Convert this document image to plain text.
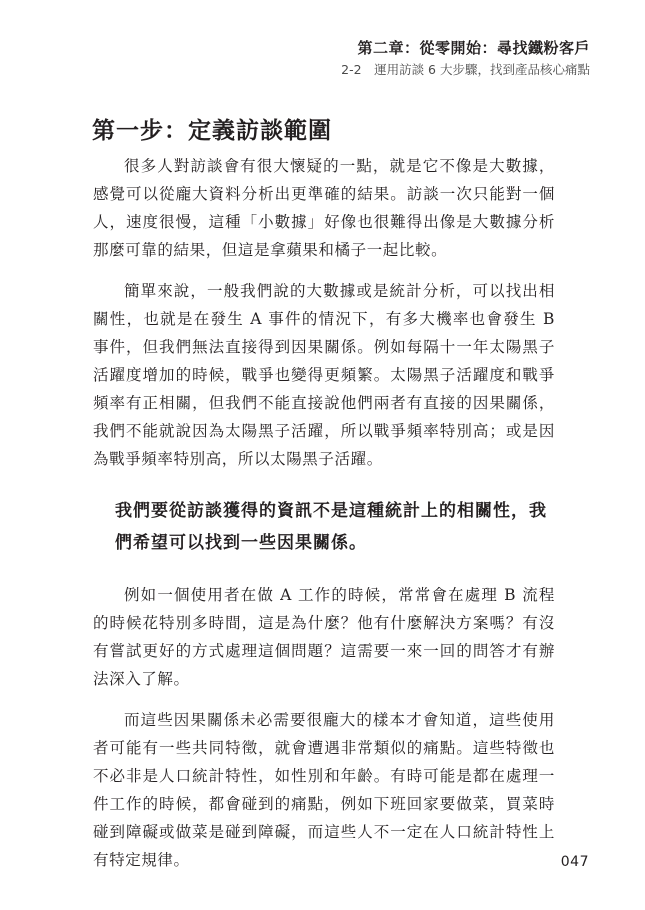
第二章：從零開始：尋找鐵粉客戶
2-2　運用訪談 6 大步驟，找到產品核心痛點
第一步：定義訪談範圍

很多人對訪談會有很大懷疑的一點，就是它不像是大數據，感覺可以從龐大資料分析出更準確的結果。訪談一次只能對一個人，速度很慢，這種「小數據」好像也很難得出像是大數據分析那麼可靠的結果，但這是拿蘋果和橘子一起比較。

簡單來說，一般我們說的大數據或是統計分析，可以找出相關性，也就是在發生 A 事件的情況下，有多大機率也會發生 B 事件，但我們無法直接得到因果關係。例如每隔十一年太陽黑子活躍度增加的時候，戰爭也變得更頻繁。太陽黑子活躍度和戰爭頻率有正相關，但我們不能直接說他們兩者有直接的因果關係，我們不能就說因為太陽黑子活躍，所以戰爭頻率特別高；或是因為戰爭頻率特別高，所以太陽黑子活躍。

我們要從訪談獲得的資訊不是這種統計上的相關性，我們希望可以找到一些因果關係。

例如一個使用者在做 A 工作的時候，常常會在處理 B 流程的時候花特別多時間，這是為什麼？他有什麼解決方案嗎？有沒有嘗試更好的方式處理這個問題？這需要一來一回的問答才有辦法深入了解。

而這些因果關係未必需要很龐大的樣本才會知道，這些使用者可能有一些共同特徵，就會遭遇非常類似的痛點。這些特徵也不必非是人口統計特性，如性別和年齡。有時可能是都在處理一件工作的時候，都會碰到的痛點，例如下班回家要做菜，買菜時碰到障礙或做菜是碰到障礙，而這些人不一定在人口統計特性上有特定規律。	047
